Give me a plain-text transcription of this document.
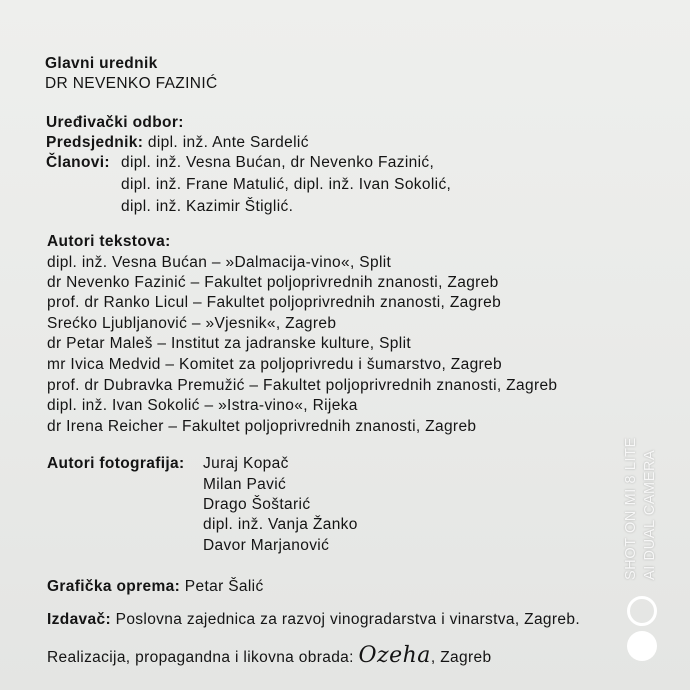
Glavni urednik
DR NEVENKO FAZINIĆ
Uređivački odbor:
Predsjednik: dipl. inž. Ante Sardelić
Članovi: dipl. inž. Vesna Bućan, dr Nevenko Fazinić,
dipl. inž. Frane Matulić, dipl. inž. Ivan Sokolić,
dipl. inž. Kazimir Štiglić.
Autori tekstova:
dipl. inž. Vesna Bućan – »Dalmacija-vino«, Split
dr Nevenko Fazinić – Fakultet poljoprivrednih znanosti, Zagreb
prof. dr Ranko Licul – Fakultet poljoprivrednih znanosti, Zagreb
Srećko Ljubljanović – »Vjesnik«, Zagreb
dr Petar Maleš – Institut za jadranske kulture, Split
mr Ivica Medvid – Komitet za poljoprivredu i šumarstvo, Zagreb
prof. dr Dubravka Premužić – Fakultet poljoprivrednih znanosti, Zagreb
dipl. inž. Ivan Sokolić – »Istra-vino«, Rijeka
dr Irena Reicher – Fakultet poljoprivrednih znanosti, Zagreb
Autori fotografija: Juraj Kopač
Milan Pavić
Drago Šoštarić
dipl. inž. Vanja Žanko
Davor Marjanović
Grafička oprema: Petar Šalić
Izdavač: Poslovna zajednica za razvoj vinogradarstva i vinarstva, Zagreb.
Realizacija, propagandna i likovna obrada: Ozeha, Zagreb
SHOT ON MI 8 LITE AI DUAL CAMERA
